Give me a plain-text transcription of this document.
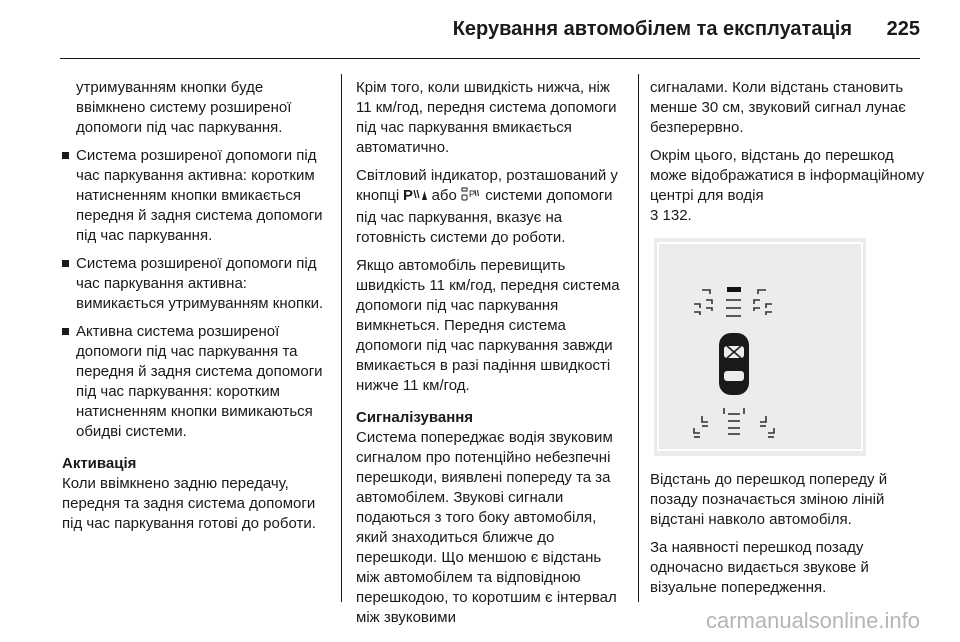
Керування автомобілем та експлуатація 225
утримуванням кнопки буде ввімкнено систему розширеної допомоги під час паркування.
Система розширеної допомоги під час паркування активна: коротким натисненням кнопки вмикається передня й задня система допомоги під час паркування.
Система розширеної допомоги під час паркування активна: вимикається утримуванням кнопки.
Активна система розширеної допомоги під час паркування та передня й задня система допомоги під час паркування: коротким натисненням кнопки вимикаються обидві системи.

Активація

Коли ввімкнено задню передачу, передня та задня система допомоги під час паркування готові до роботи.

Крім того, коли швидкість нижча, ніж 11 км/год, передня система допомоги під час паркування вмикається автоматично.

Світловий індикатор, розташований у кнопці P або P системи допомоги під час паркування, вказує на готовність системи до роботи.

Якщо автомобіль перевищить швидкість 11 км/год, передня система допомоги під час паркування вимкнеться. Передня система допомоги під час паркування завжди вмикається в разі падіння швидкості нижче 11 км/год.

Сигналізування

Система попереджає водія звуковим сигналом про потенційно небезпечні перешкоди, виявлені попереду та за автомобілем. Звукові сигнали подаються з того боку автомобіля, який знаходиться ближче до перешкоди. Що меншою є відстань між автомобілем та відповідною перешкодою, то коротшим є інтервал між звуковими

сигналами. Коли відстань становить менше 30 см, звуковий сигнал лунає безперервно.

Окрім цього, відстань до перешкод може відображатися в інформаційному центрі для водія
3 132.

Відстань до перешкод попереду й позаду позначається зміною ліній відстані навколо автомобіля.

За наявності перешкод позаду одночасно видається звукове й візуальне попередження.

carmanualsonline.info
